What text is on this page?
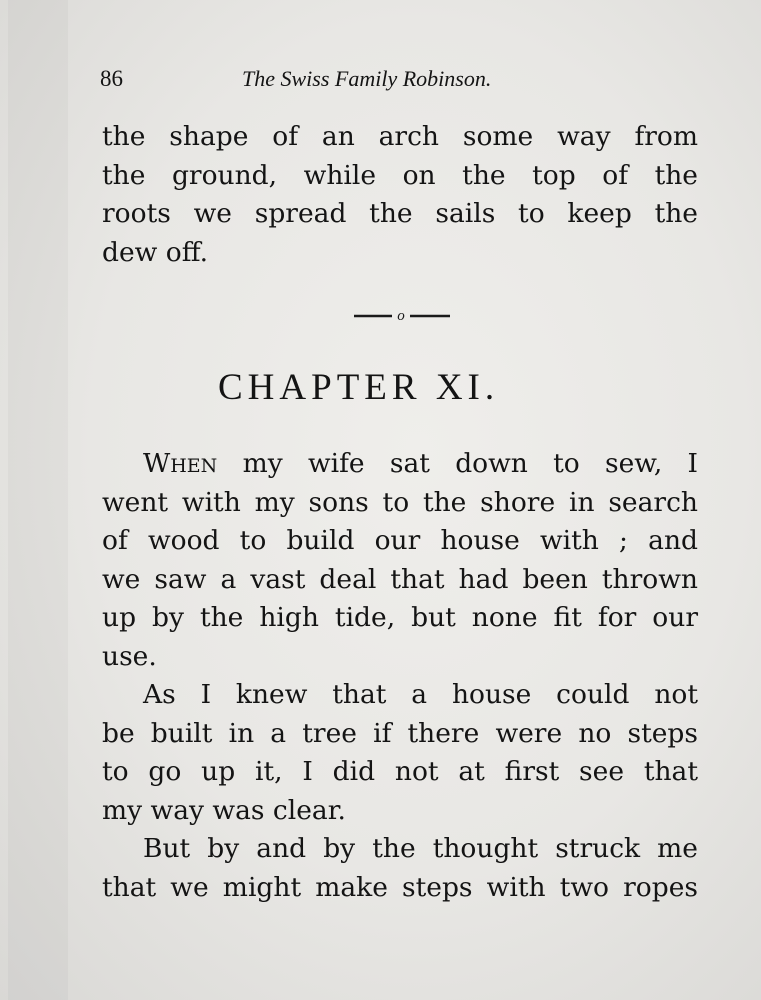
86	The Swiss Family Robinson.
the shape of an arch some way from
the ground, while on the top of the
roots we spread the sails to keep the
dew off.
o
CHAPTER XI.
When my wife sat down to sew, I
went with my sons to the shore in search
of wood to build our house with ; and
we saw a vast deal that had been thrown
up by the high tide, but none fit for our
use.
As I knew that a house could not
be built in a tree if there were no steps
to go up it, I did not at first see that
my way was clear.
But by and by the thought struck me
that we might make steps with two ropes
